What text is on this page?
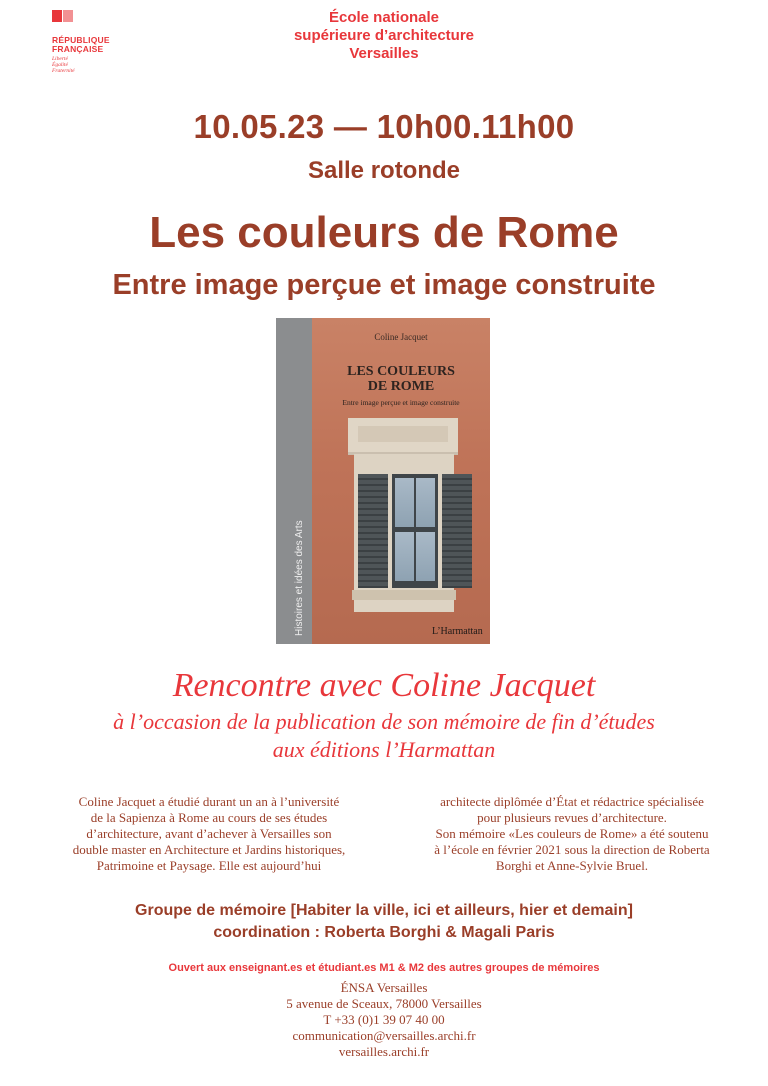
RÉPUBLIQUE
FRANÇAISE
Liberté
Égalité
Fraternité
École nationale
supérieure d’architecture
Versailles
10.05.23 — 10h00.11h00
Salle rotonde
Les couleurs de Rome
Entre image perçue et image construite
Histoires et idées des Arts
Coline Jacquet
LES COULEURS
DE ROME
Entre image perçue et image construite
L’Harmattan
Rencontre avec Coline Jacquet
à l’occasion de la publication de son mémoire de fin d’études
aux éditions l’Harmattan
Coline Jacquet a étudié durant un an à l’université
de la Sapienza à Rome au cours de ses études
d’architecture, avant d’achever à Versailles son
double master en Architecture et Jardins historiques,
Patrimoine et Paysage. Elle est aujourd’hui
architecte diplômée d’État et rédactrice spécialisée
pour plusieurs revues d’architecture.
Son mémoire «Les couleurs de Rome» a été soutenu
à l’école en février 2021 sous la direction de Roberta
Borghi et Anne-Sylvie Bruel.
Groupe de mémoire [Habiter la ville, ici et ailleurs, hier et demain]
coordination : Roberta Borghi & Magali Paris
Ouvert aux enseignant.es et étudiant.es M1 & M2 des autres groupes de mémoires
ÉNSA Versailles
5 avenue de Sceaux, 78000 Versailles
T +33 (0)1 39 07 40 00
communication@versailles.archi.fr
versailles.archi.fr
